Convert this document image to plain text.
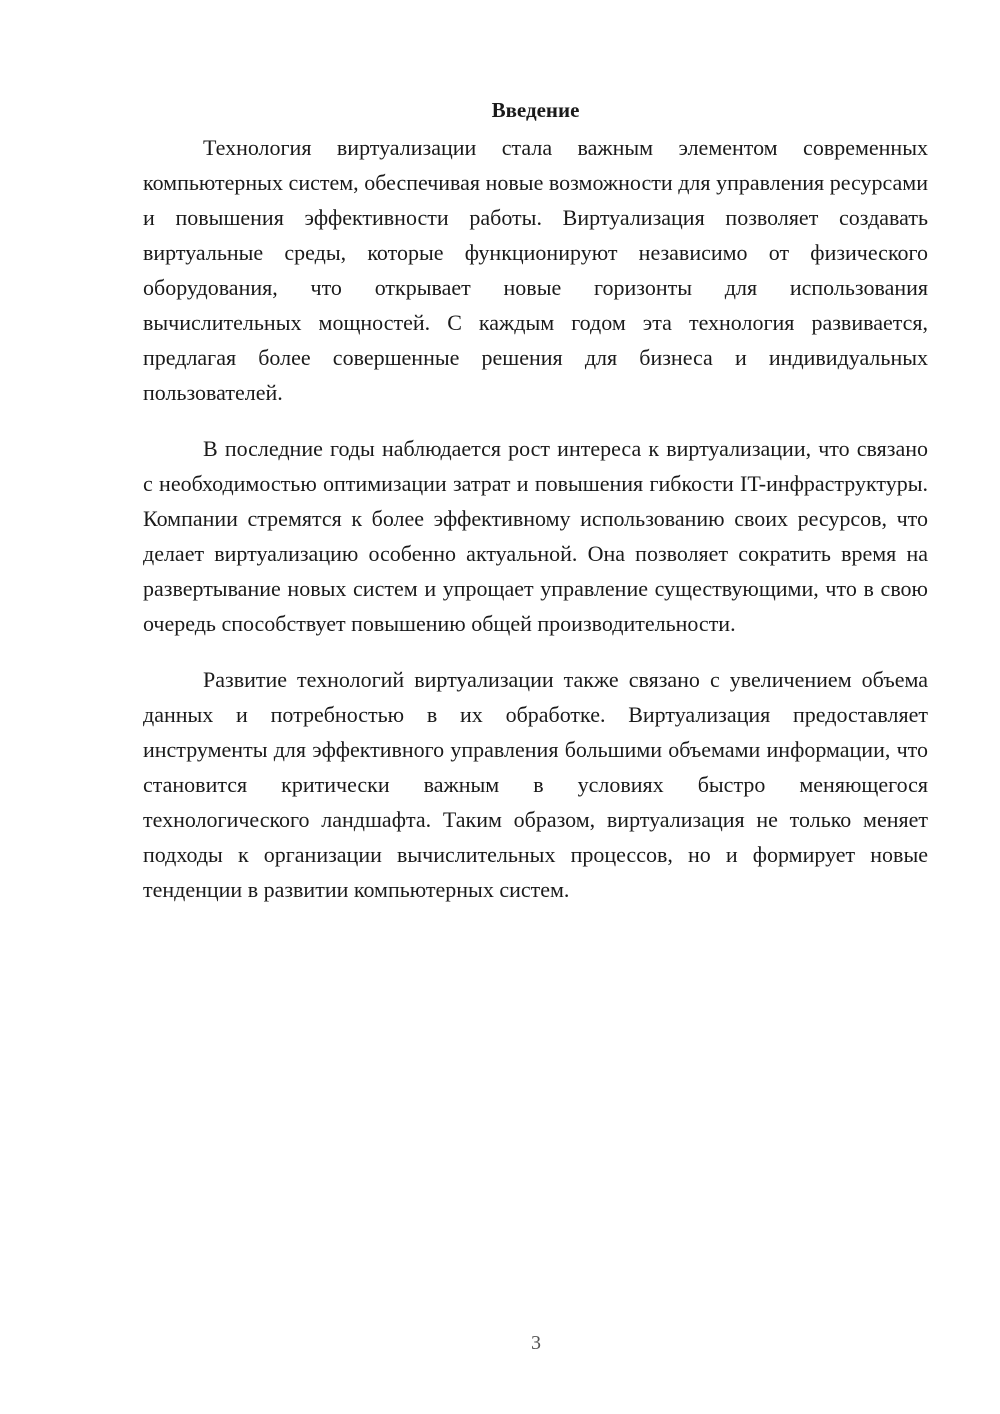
Введение

Технология виртуализации стала важным элементом современных компьютерных систем, обеспечивая новые возможности для управления ресурсами и повышения эффективности работы. Виртуализация позволяет создавать виртуальные среды, которые функционируют независимо от физического оборудования, что открывает новые горизонты для использования вычислительных мощностей. С каждым годом эта технология развивается, предлагая более совершенные решения для бизнеса и индивидуальных пользователей.

В последние годы наблюдается рост интереса к виртуализации, что связано с необходимостью оптимизации затрат и повышения гибкости IT-инфраструктуры. Компании стремятся к более эффективному использованию своих ресурсов, что делает виртуализацию особенно актуальной. Она позволяет сократить время на развертывание новых систем и упрощает управление существующими, что в свою очередь способствует повышению общей производительности.

Развитие технологий виртуализации также связано с увеличением объема данных и потребностью в их обработке. Виртуализация предоставляет инструменты для эффективного управления большими объемами информации, что становится критически важным в условиях быстро меняющегося технологического ландшафта. Таким образом, виртуализация не только меняет подходы к организации вычислительных процессов, но и формирует новые тенденции в развитии компьютерных систем.

3
